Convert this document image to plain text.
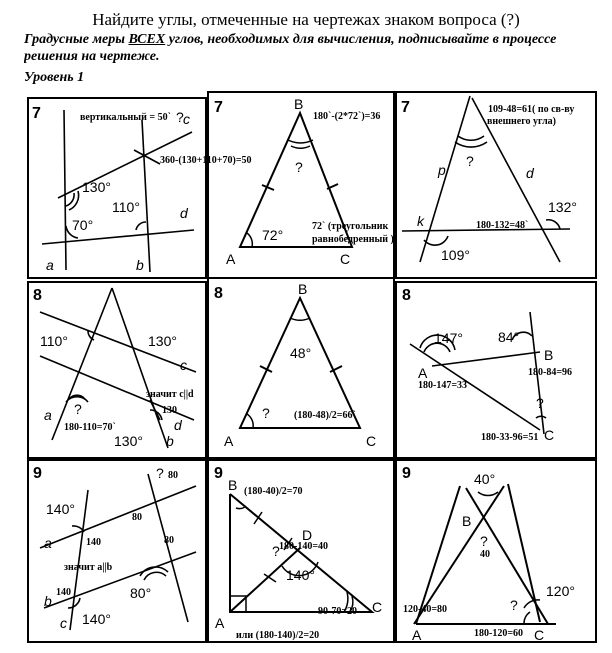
Найдите углы, отмеченные на чертежах знаком вопроса (?)
Градусные меры ВСЕХ углов, необходимых для вычисления, подписывайте в процессе
решения на чертеже.
Уровень 1
7
130°
70°
110°
a	b
c
d
?
вертикальный = 50`
360-(130+110+70)=50
7	B
A	C
72°
?
180`-(2*72`)=36
72` (треугольник
равнобедренный )
7
?
p	d
k
132°
109°
109-48=61( по св-ву
внешнего угла)
180-132=48`
8
110°	130°
130°
a
b
c
d
?
значит c||d
130
180-110=70`
8	B
A	C
48°
? (180-48)/2=66`
8
147°	84°
A
B
C
?
180-147=33
180-84=96
180-33-96=51
9
140°
140°
80°
a
b
c
? 80
80
80
140
140
значит a||b
9
B
D
A
C
140°
?
(180-40)/2=70
180-140=40
90-70=20
или (180-140)/2=20
9	40°
120°
B
A	C
?
?
40
120-40=80
180-120=60
